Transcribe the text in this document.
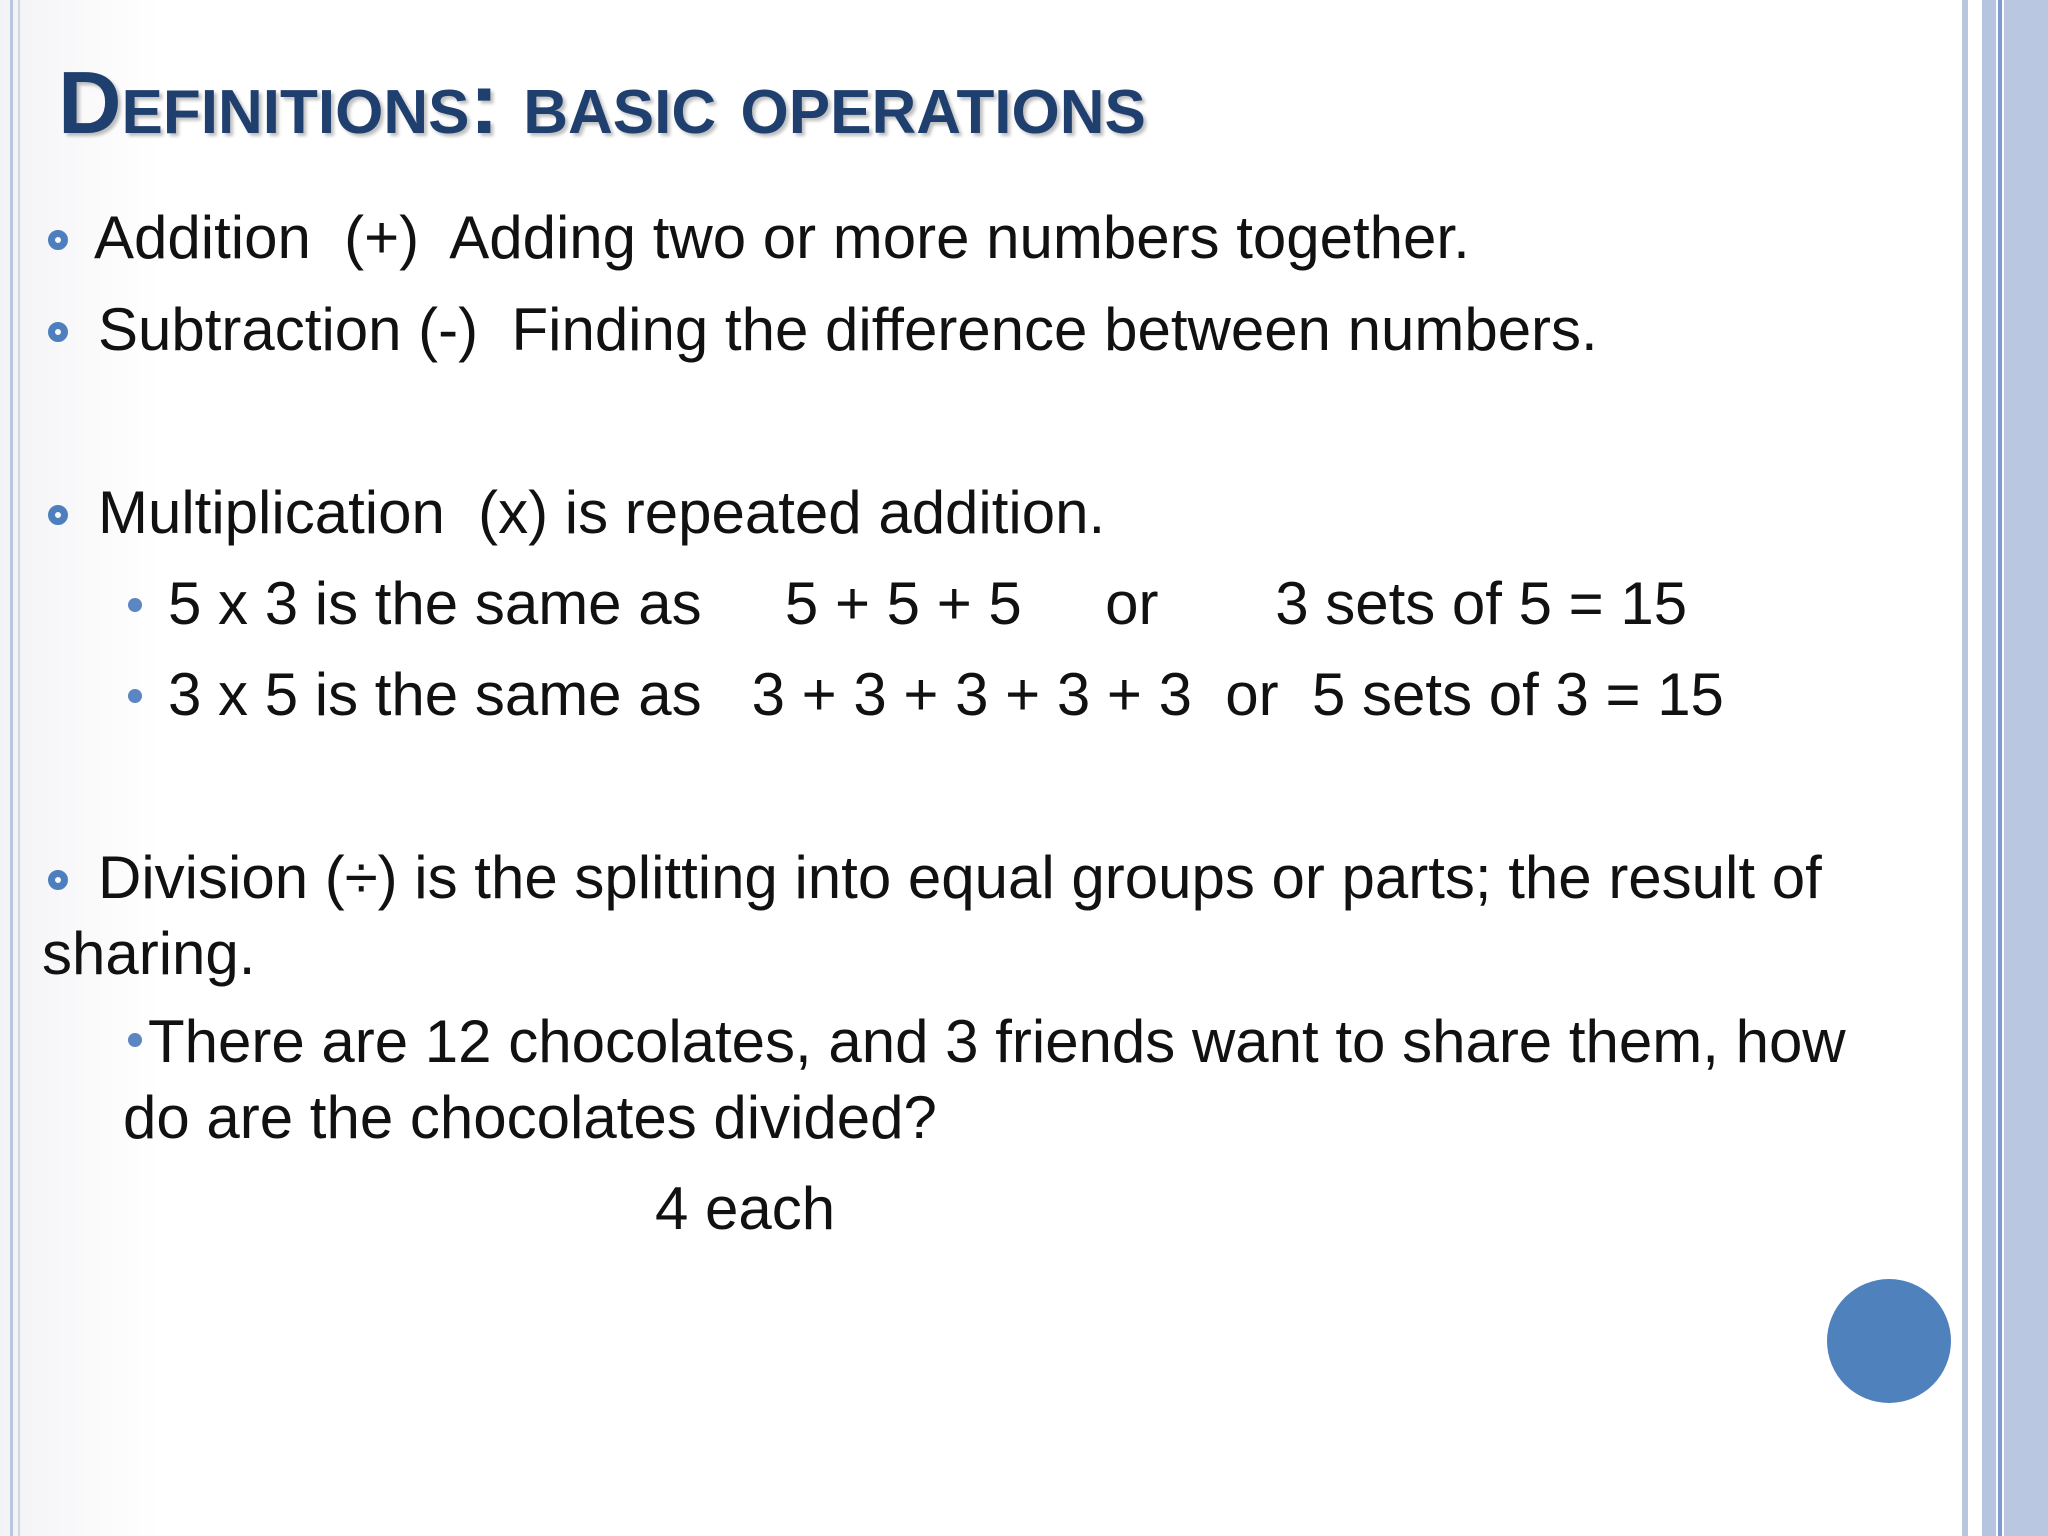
Definitions: basic operations
Addition  (+)  Adding two or more numbers together.
Subtraction (-)  Finding the difference between numbers.
Multiplication  (x) is repeated addition.
5 x 3 is the same as     5 + 5 + 5     or       3 sets of 5 = 15
3 x 5 is the same as   3 + 3 + 3 + 3 + 3  or  5 sets of 3 = 15
Division (÷) is the splitting into equal groups or parts; the result of
sharing.
There are 12 chocolates, and 3 friends want to share them, how
do are the chocolates divided?
4 each
